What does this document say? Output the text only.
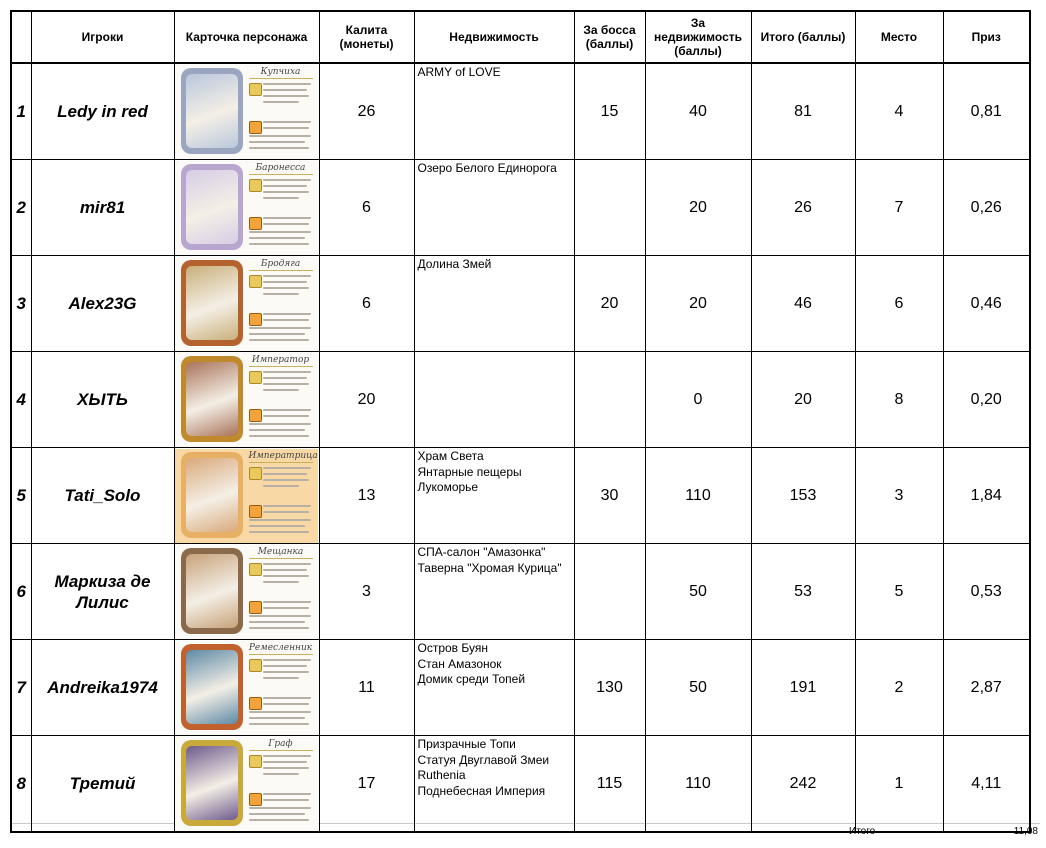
	Игроки	Карточка персонажа	Калита (монеты)	Недвижимость	За босса (баллы)	За недвижимость (баллы)	Итого (баллы)	Место	Приз
1	Ledy in red	Купчиха	26	ARMY of LOVE	15	40	81	4	0,81
2	mir81	Баронесса	6	Озеро Белого Единорога		20	26	7	0,26
3	Alex23G	Бродяга	6	Долина Змей	20	20	46	6	0,46
4	ХЫТЬ	Император	20			0	20	8	0,20
5	Tati_Solo	Императрица	13	Храм Света
Янтарные пещеры
Лукоморье	30	110	153	3	1,84
6	Маркиза де Лилис	Мещанка	3	СПА-салон "Амазонка"
Таверна "Хромая Курица"		50	53	5	0,53
7	Andreika1974	Ремесленник	11	Остров Буян
Стан Амазонок
Домик среди Топей	130	50	191	2	2,87
8	Третий	Граф	17	Призрачные Топи
Статуя Двуглавой Змеи
Ruthenia
Поднебесная Империя	115	110	242	1	4,11
Итого	11,08
